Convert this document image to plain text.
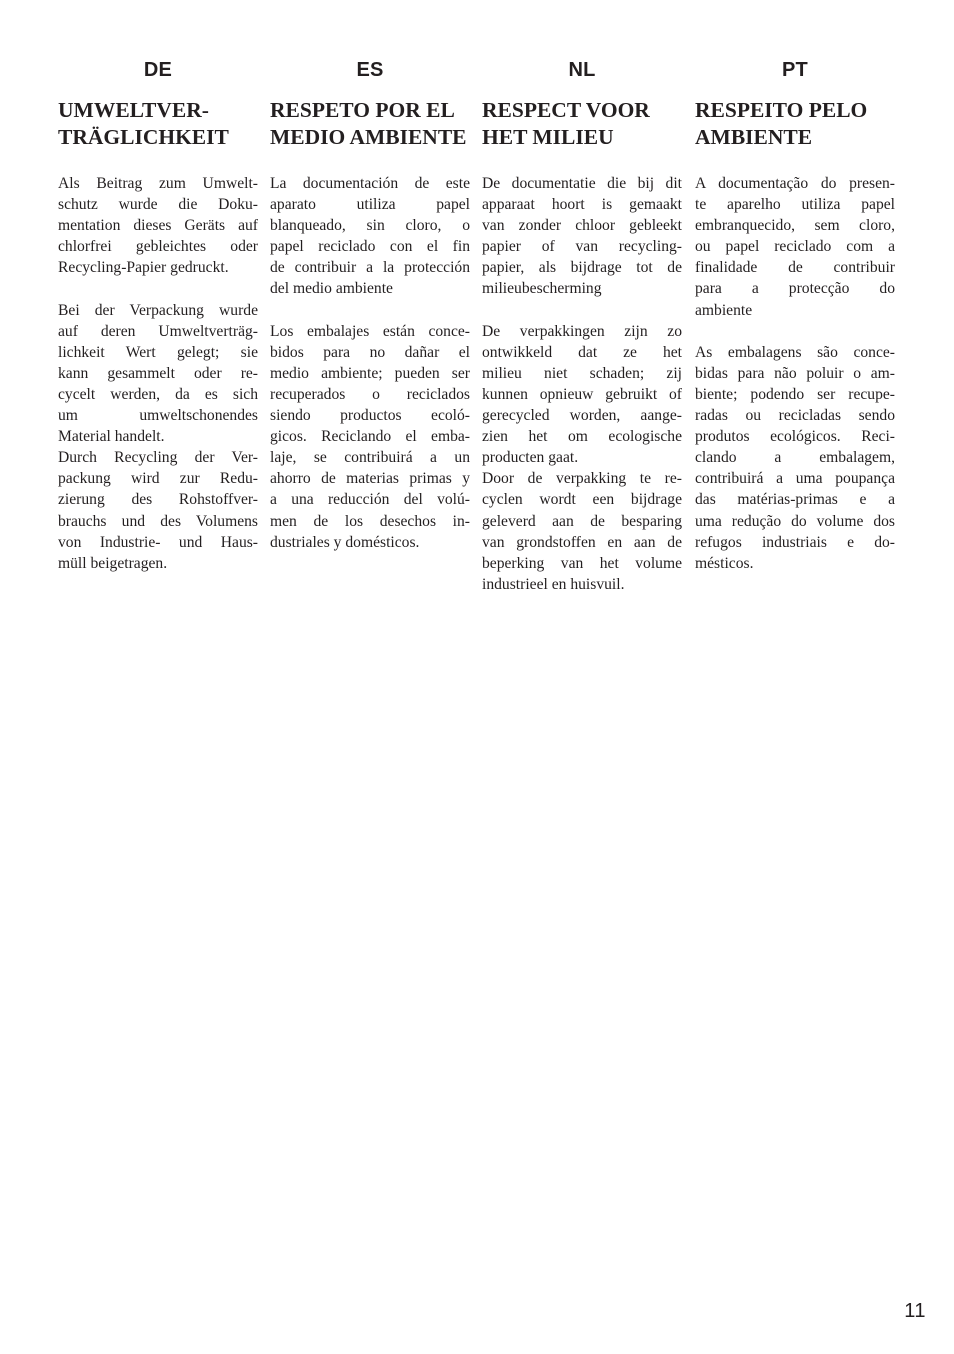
DE
UMWELTVER-
TRÄGLICHKEIT

Als Beitrag zum Umwelt-
schutz wurde die Doku-
mentation dieses Geräts auf
chlorfrei gebleichtes oder
Recycling-Papier gedruckt.

Bei der Verpackung wurde
auf deren Umweltverträg-
lichkeit Wert gelegt; sie
kann gesammelt oder re-
cycelt werden, da es sich
um umweltschonendes
Material handelt.

Durch Recycling der Ver-
packung wird zur Redu-
zierung des Rohstoffver-
brauchs und des Volumens
von Industrie- und Haus-
müll beigetragen.

ES
RESPETO POR EL
MEDIO AMBIENTE

La documentación de este
aparato utiliza papel
blanqueado, sin cloro, o
papel reciclado con el fin
de contribuir a la protección
del medio ambiente

Los embalajes están conce-
bidos para no dañar el
medio ambiente; pueden ser
recuperados o reciclados
siendo productos ecoló-
gicos. Reciclando el emba-
laje, se contribuirá a un
ahorro de materias primas y
a una reducción del volú-
men de los desechos in-
dustriales y domésticos.

NL
RESPECT VOOR
HET MILIEU

De documentatie die bij dit
apparaat hoort is gemaakt
van zonder chloor gebleekt
papier of van recycling-
papier, als bijdrage tot de
milieubescherming

De verpakkingen zijn zo
ontwikkeld dat ze het
milieu niet schaden; zij
kunnen opnieuw gebruikt of
gerecycled worden, aange-
zien het om ecologische
producten gaat.

Door de verpakking te re-
cyclen wordt een bijdrage
geleverd aan de besparing
van grondstoffen en aan de
beperking van het volume
industrieel en huisvuil.

PT
RESPEITO PELO
AMBIENTE

A documentação do presen-
te aparelho utiliza papel
embranquecido, sem cloro,
ou papel reciclado com a
finalidade de contribuir
para a protecção do
ambiente

As embalagens são conce-
bidas para não poluir o am-
biente; podendo ser recupe-
radas ou recicladas sendo
produtos ecológicos. Reci-
clando a embalagem,
contribuirá a uma poupança
das matérias-primas e a
uma redução do volume dos
refugos industriais e do-
mésticos.

11
